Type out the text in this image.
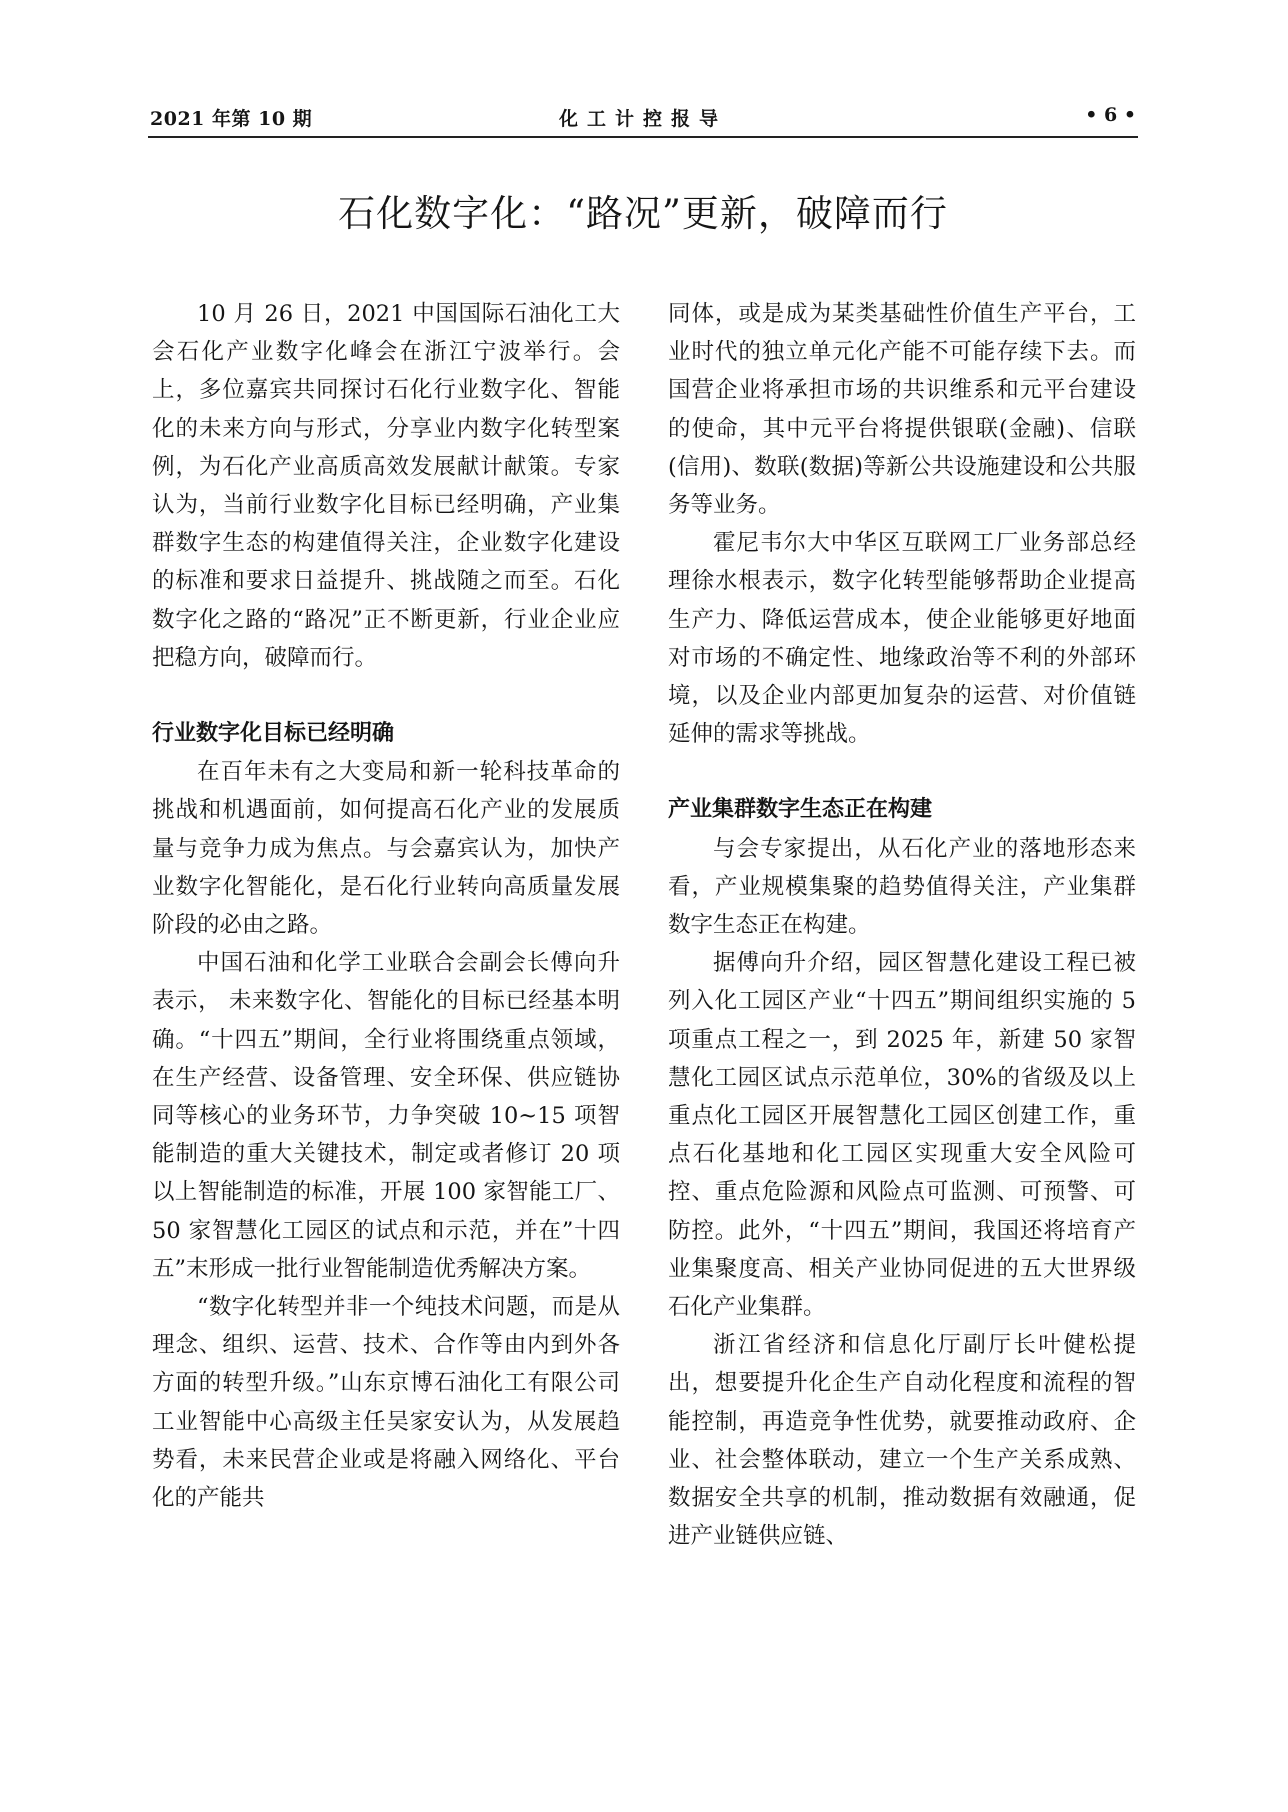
2021 年第 10 期	化工计控报导	• 6 •
石化数字化：“路况”更新，破障而行

10 月 26 日，2021 中国国际石油化工大会石化产业数字化峰会在浙江宁波举行。会上，多位嘉宾共同探讨石化行业数字化、智能化的未来方向与形式，分享业内数字化转型案例，为石化产业高质高效发展献计献策。专家认为，当前行业数字化目标已经明确，产业集群数字生态的构建值得关注，企业数字化建设的标准和要求日益提升、挑战随之而至。石化数字化之路的“路况”正不断更新，行业企业应把稳方向，破障而行。

行业数字化目标已经明确

在百年未有之大变局和新一轮科技革命的挑战和机遇面前，如何提高石化产业的发展质量与竞争力成为焦点。与会嘉宾认为，加快产业数字化智能化，是石化行业转向高质量发展阶段的必由之路。

中国石油和化学工业联合会副会长傅向升表示， 未来数字化、智能化的目标已经基本明确。“十四五”期间，全行业将围绕重点领域，在生产经营、设备管理、安全环保、供应链协同等核心的业务环节，力争突破 10~15 项智能制造的重大关键技术，制定或者修订 20 项以上智能制造的标准，开展 100 家智能工厂、50 家智慧化工园区的试点和示范，并在”十四五”末形成一批行业智能制造优秀解决方案。

“数字化转型并非一个纯技术问题，而是从理念、组织、运营、技术、合作等由内到外各方面的转型升级。”山东京博石油化工有限公司工业智能中心高级主任吴家安认为，从发展趋势看，未来民营企业或是将融入网络化、平台化的产能共

同体，或是成为某类基础性价值生产平台，工业时代的独立单元化产能不可能存续下去。而国营企业将承担市场的共识维系和元平台建设的使命，其中元平台将提供银联(金融)、信联(信用)、数联(数据)等新公共设施建设和公共服务等业务。

霍尼韦尔大中华区互联网工厂业务部总经理徐水根表示，数字化转型能够帮助企业提高生产力、降低运营成本，使企业能够更好地面对市场的不确定性、地缘政治等不利的外部环境，以及企业内部更加复杂的运营、对价值链延伸的需求等挑战。

产业集群数字生态正在构建

与会专家提出，从石化产业的落地形态来看，产业规模集聚的趋势值得关注，产业集群数字生态正在构建。

据傅向升介绍，园区智慧化建设工程已被列入化工园区产业“十四五”期间组织实施的 5 项重点工程之一，到 2025 年，新建 50 家智慧化工园区试点示范单位，30%的省级及以上重点化工园区开展智慧化工园区创建工作，重点石化基地和化工园区实现重大安全风险可控、重点危险源和风险点可监测、可预警、可防控。此外，“十四五”期间，我国还将培育产业集聚度高、相关产业协同促进的五大世界级石化产业集群。

浙江省经济和信息化厅副厅长叶健松提出，想要提升化企生产自动化程度和流程的智能控制，再造竞争性优势，就要推动政府、企业、社会整体联动，建立一个生产关系成熟、数据安全共享的机制，推动数据有效融通，促进产业链供应链、
